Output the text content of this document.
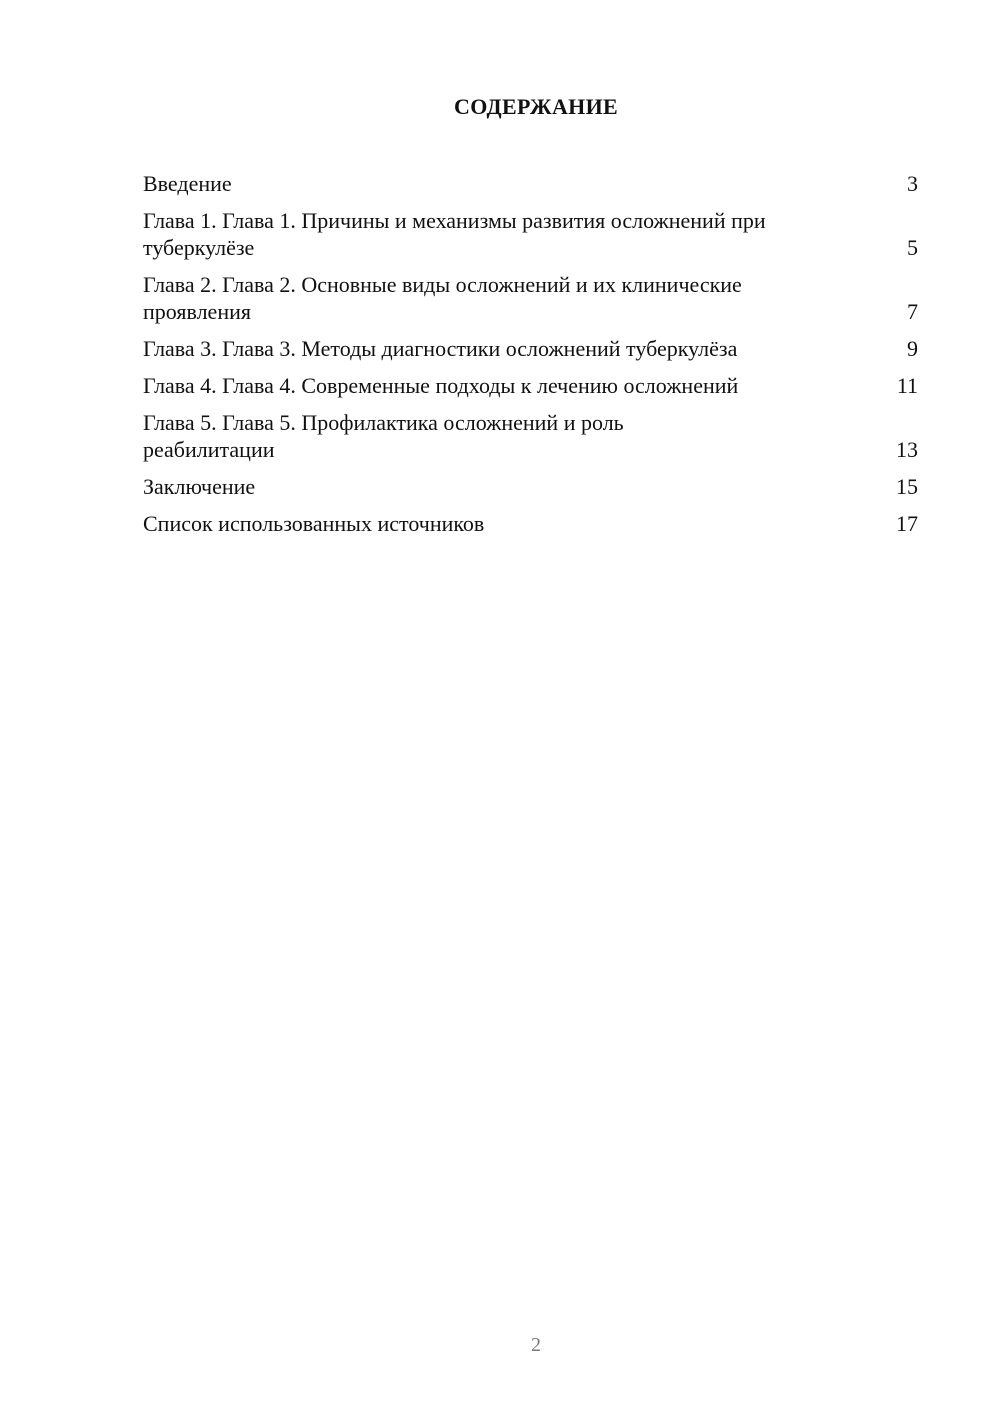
СОДЕРЖАНИЕ
Введение	3
Глава 1. Глава 1. Причины и механизмы развития осложнений при туберкулёзе	5
Глава 2. Глава 2. Основные виды осложнений и их клинические проявления	7
Глава 3. Глава 3. Методы диагностики осложнений туберкулёза	9
Глава 4. Глава 4. Современные подходы к лечению осложнений	11
Глава 5. Глава 5. Профилактика осложнений и роль реабилитации	13
Заключение	15
Список использованных источников	17
2
